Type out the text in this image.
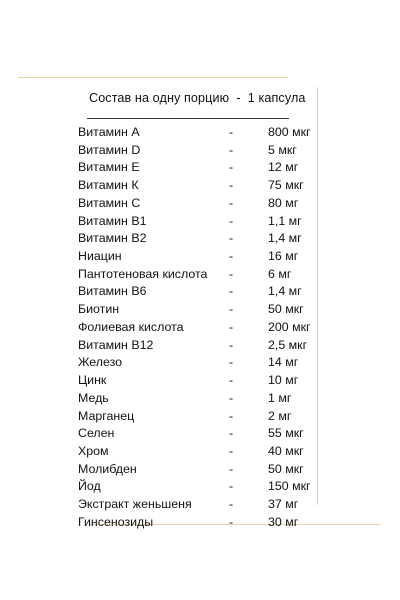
Состав на одну порцию  -  1 капсула
Витамин A	-	800 мкг
Витамин D	-	5 мкг
Витамин E	-	12 мг
Витамин К	-	75 мкг
Витамин С	-	80 мг
Витамин В1	-	1,1 мг
Витамин В2	-	1,4 мг
Ниацин	-	16 мг
Пантотеновая кислота -	6 мг
Витамин В6	-	1,4 мг
Биотин	-	50 мкг
Фолиевая кислота	-	200 мкг
Витамин В12	-	2,5 мкг
Железо	-	14 мг
Цинк	-	10 мг
Медь	-	1 мг
Марганец	-	2 мг
Селен	-	55 мкг
Хром	-	40 мкг
Молибден	-	50 мкг
Йод	-	150 мкг
Экстракт женьшеня	-	37 мг
Гинсенозиды	-	30 мг
